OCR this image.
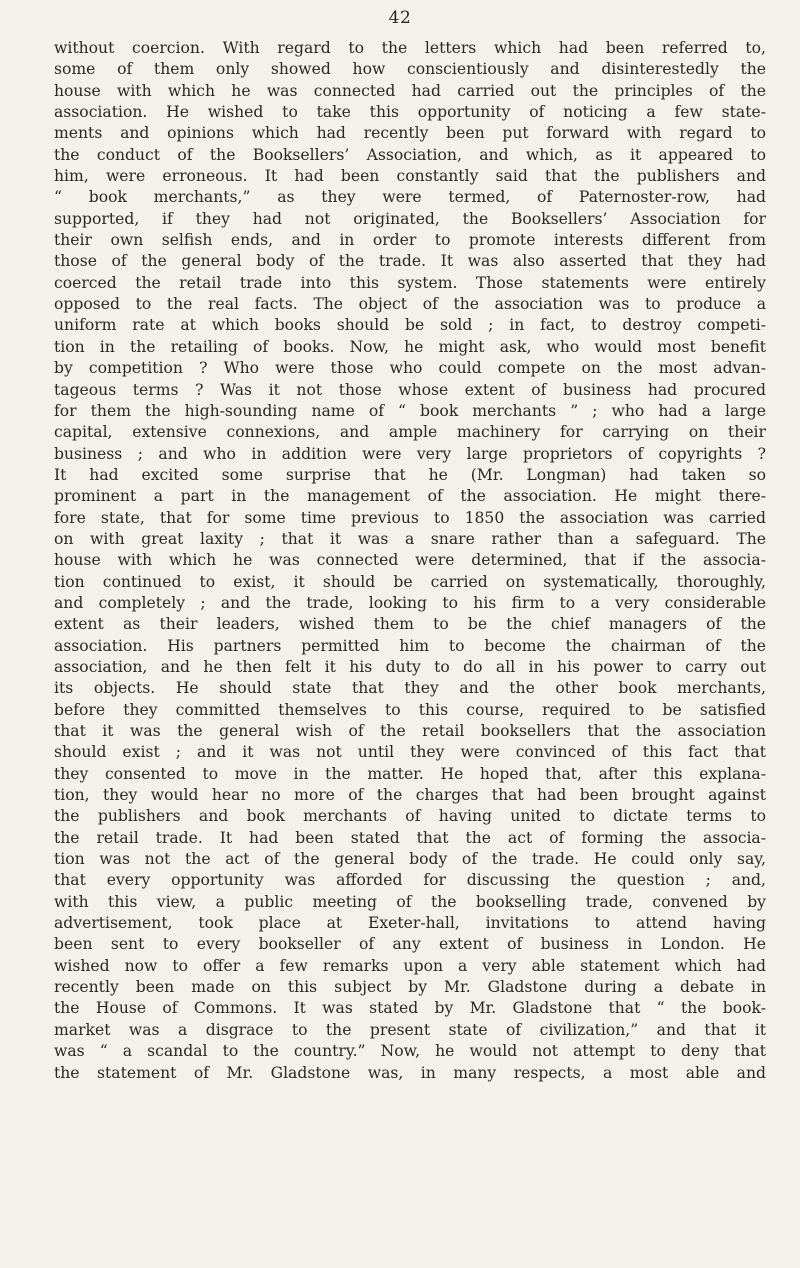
42
without coercion. With regard to the letters which had been referred to,
some of them only showed how conscientiously and disinterestedly the
house with which he was connected had carried out the principles of the
association. He wished to take this opportunity of noticing a few state-
ments and opinions which had recently been put forward with regard to
the conduct of the Booksellers’ Association, and which, as it appeared to
him, were erroneous. It had been constantly said that the publishers and
“ book merchants,” as they were termed, of Paternoster-row, had
supported, if they had not originated, the Booksellers’ Association for
their own selfish ends, and in order to promote interests different from
those of the general body of the trade. It was also asserted that they had
coerced the retail trade into this system. Those statements were entirely
opposed to the real facts. The object of the association was to produce a
uniform rate at which books should be sold ; in fact, to destroy competi-
tion in the retailing of books. Now, he might ask, who would most benefit
by competition ? Who were those who could compete on the most advan-
tageous terms ? Was it not those whose extent of business had procured
for them the high-sounding name of “ book merchants ” ; who had a large
capital, extensive connexions, and ample machinery for carrying on their
business ; and who in addition were very large proprietors of copyrights ?
It had excited some surprise that he (Mr. Longman) had taken so
prominent a part in the management of the association. He might there-
fore state, that for some time previous to 1850 the association was carried
on with great laxity ; that it was a snare rather than a safeguard. The
house with which he was connected were determined, that if the associa-
tion continued to exist, it should be carried on systematically, thoroughly,
and completely ; and the trade, looking to his firm to a very considerable
extent as their leaders, wished them to be the chief managers of the
association. His partners permitted him to become the chairman of the
association, and he then felt it his duty to do all in his power to carry out
its objects. He should state that they and the other book merchants,
before they committed themselves to this course, required to be satisfied
that it was the general wish of the retail booksellers that the association
should exist ; and it was not until they were convinced of this fact that
they consented to move in the matter. He hoped that, after this explana-
tion, they would hear no more of the charges that had been brought against
the publishers and book merchants of having united to dictate terms to
the retail trade. It had been stated that the act of forming the associa-
tion was not the act of the general body of the trade. He could only say,
that every opportunity was afforded for discussing the question ; and,
with this view, a public meeting of the bookselling trade, convened by
advertisement, took place at Exeter-hall, invitations to attend having
been sent to every bookseller of any extent of business in London. He
wished now to offer a few remarks upon a very able statement which had
recently been made on this subject by Mr. Gladstone during a debate in
the House of Commons. It was stated by Mr. Gladstone that “ the book-
market was a disgrace to the present state of civilization,” and that it
was “ a scandal to the country.” Now, he would not attempt to deny that
the statement of Mr. Gladstone was, in many respects, a most able and
